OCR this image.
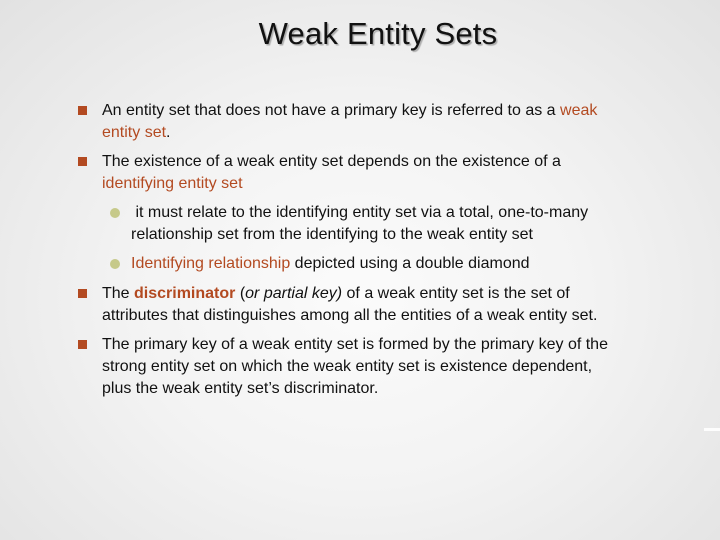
Weak Entity Sets
An entity set that does not have a primary key is referred to as a weak
entity set.
The existence of a weak entity set depends on the existence of a
identifying entity set
it must relate to the identifying entity set via a total, one-to-many
relationship set from the identifying to the weak entity set
Identifying relationship depicted using a double diamond
The discriminator (or partial key) of a weak entity set is the set of
attributes that distinguishes among all the entities of a weak entity set.
The primary key of a weak entity set is formed by the primary key of the
strong entity set on which the weak entity set is existence dependent,
plus the weak entity set’s discriminator.
